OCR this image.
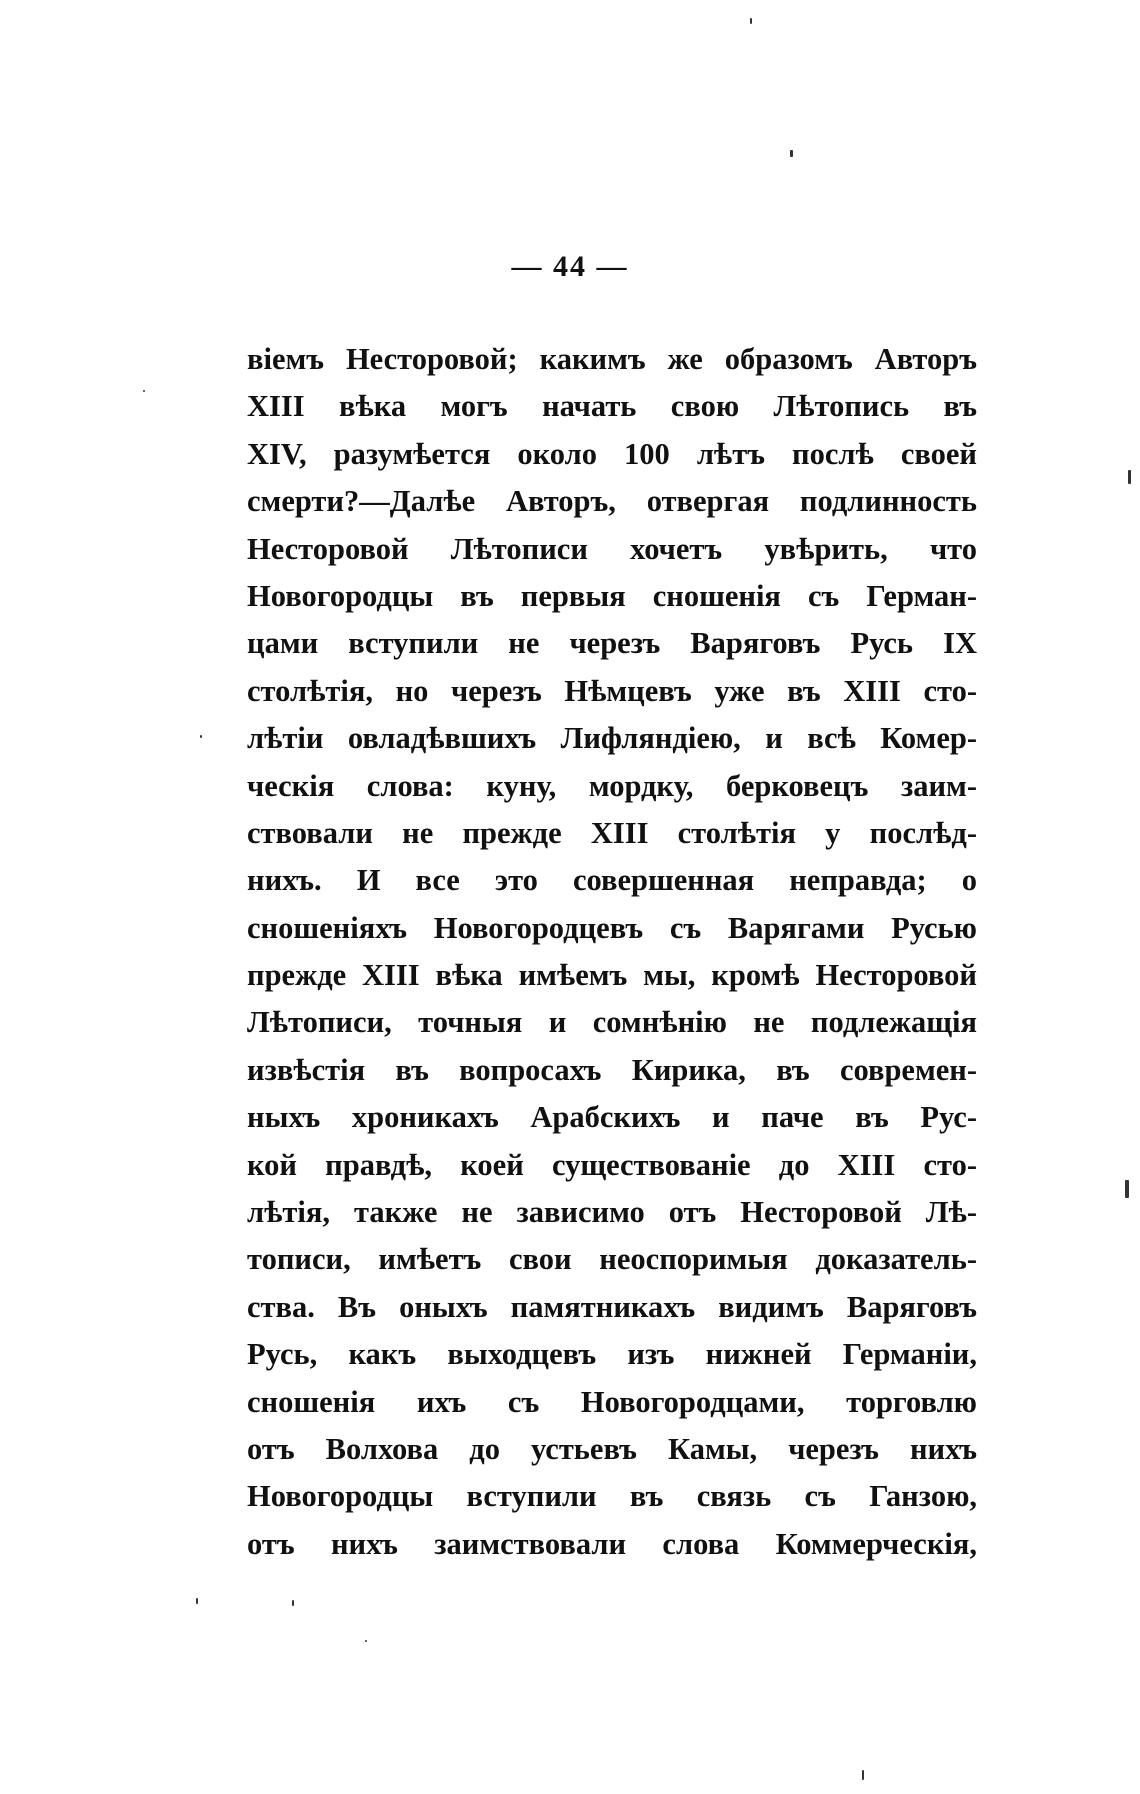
— 44 —
віемъ Несторовой; какимъ же образомъ Авторъ
XIII вѣка могъ начать свою Лѣтопись въ
XIV, разумѣется около 100 лѣтъ послѣ своей
смерти?—Далѣе Авторъ, отвергая подлинность
Несторовой Лѣтописи хочетъ увѣрить, что
Новогородцы въ первыя сношенія съ Герман-
цами вступили не черезъ Варяговъ Русь IX
столѣтія, но черезъ Нѣмцевъ уже въ XIII сто-
лѣтіи овладѣвшихъ Лифляндіею, и всѣ Комер-
ческія слова: куну, мордку, берковецъ заим-
ствовали не прежде XIII столѣтія у послѣд-
нихъ. И все это совершенная неправда; о
сношеніяхъ Новогородцевъ съ Варягами Русью
прежде XIII вѣка имѣемъ мы, кромѣ Несторовой
Лѣтописи, точныя и сомнѣнію не подлежащія
извѣстія въ вопросахъ Кирика, въ современ-
ныхъ хроникахъ Арабскихъ и паче въ Рус-
кой правдѣ, коей существованіе до XIII сто-
лѣтія, также не зависимо отъ Несторовой Лѣ-
тописи, имѣетъ свои неоспоримыя доказатель-
ства. Въ оныхъ памятникахъ видимъ Варяговъ
Русь, какъ выходцевъ изъ нижней Германіи,
сношенія ихъ съ Новогородцами, торговлю
отъ Волхова до устьевъ Камы, черезъ нихъ
Новогородцы вступили въ связь съ Ганзою,
отъ нихъ заимствовали слова Коммерческія,
